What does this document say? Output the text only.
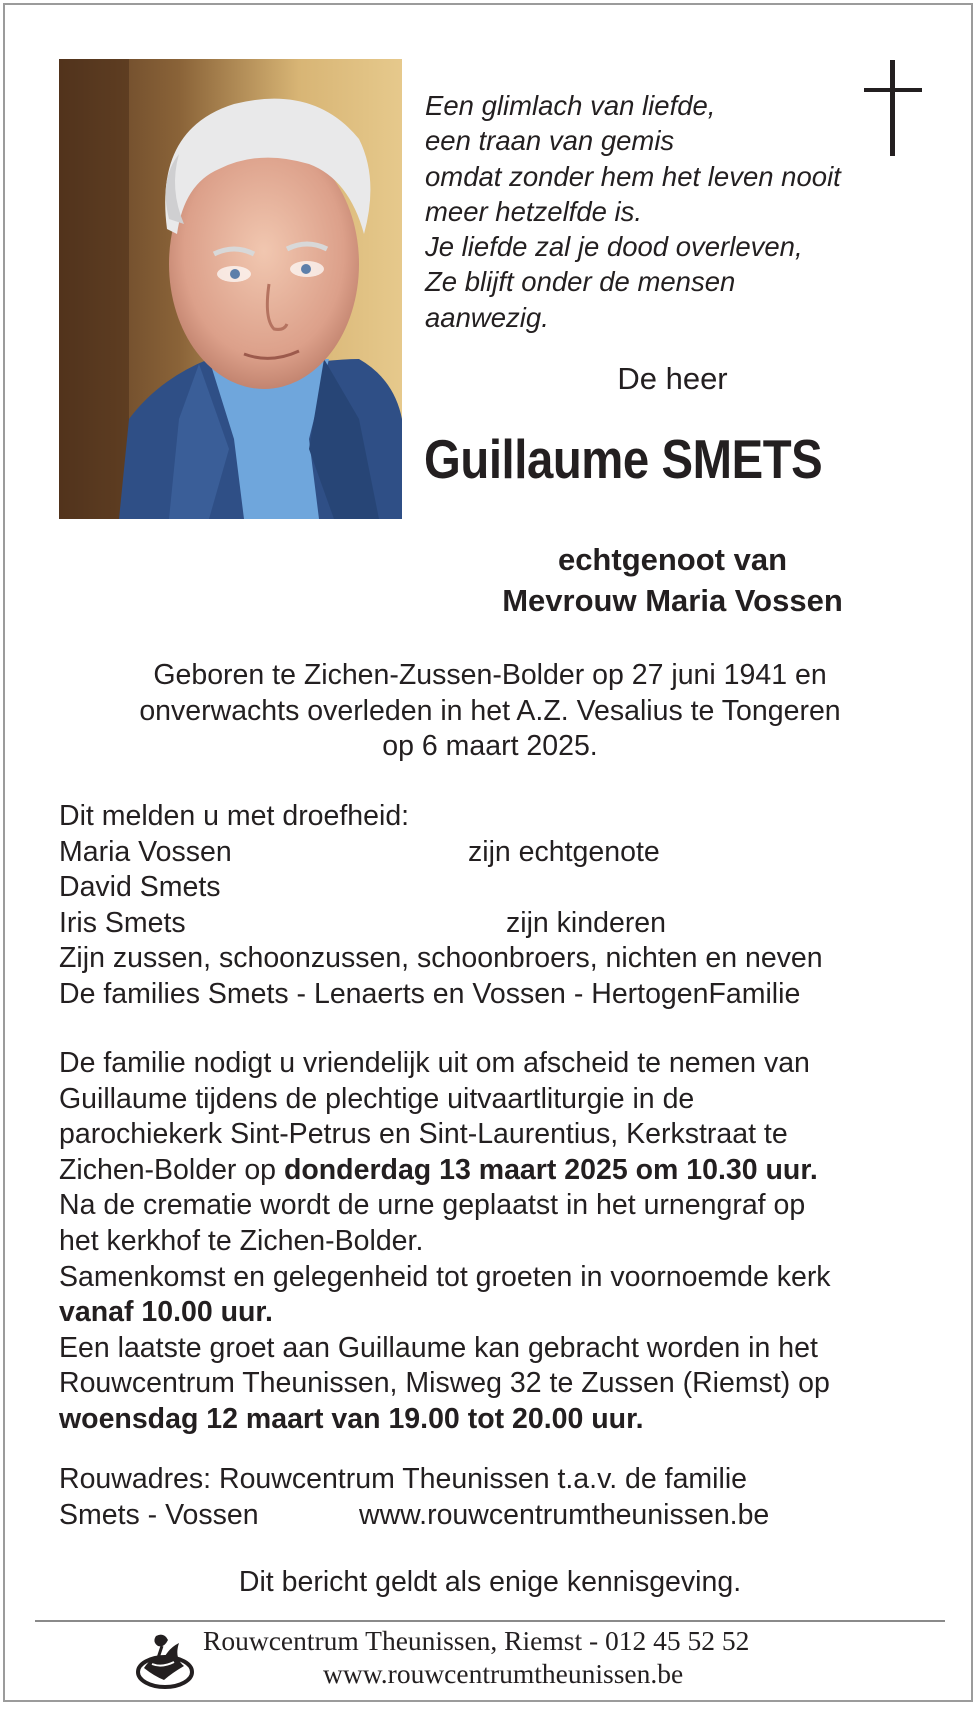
Een glimlach van liefde,
een traan van gemis
omdat zonder hem het leven nooit
meer hetzelfde is.
Je liefde zal je dood overleven,
Ze blijft onder de mensen
aanwezig.
De heer
Guillaume SMETS
echtgenoot van
Mevrouw Maria Vossen
Geboren te Zichen-Zussen-Bolder op 27 juni 1941 en
onverwachts overleden in het A.Z. Vesalius te Tongeren
op 6 maart 2025.
Dit melden u met droefheid:
Maria Vossen	zijn echtgenote
David Smets
Iris Smets	zijn kinderen
Zijn zussen, schoonzussen, schoonbroers, nichten en neven
De families Smets - Lenaerts en Vossen - HertogenFamilie
De familie nodigt u vriendelijk uit om afscheid te nemen van
Guillaume tijdens de plechtige uitvaartliturgie in de
parochiekerk Sint-Petrus en Sint-Laurentius, Kerkstraat te
Zichen-Bolder op donderdag 13 maart 2025 om 10.30 uur.
Na de crematie wordt de urne geplaatst in het urnengraf op
het kerkhof te Zichen-Bolder.
Samenkomst en gelegenheid tot groeten in voornoemde kerk
vanaf 10.00 uur.
Een laatste groet aan Guillaume kan gebracht worden in het
Rouwcentrum Theunissen, Misweg 32 te Zussen (Riemst) op
woensdag 12 maart van 19.00 tot 20.00 uur.
Rouwadres: Rouwcentrum Theunissen t.a.v. de familie
Smets - Vossen	www.rouwcentrumtheunissen.be
Dit bericht geldt als enige kennisgeving.
Rouwcentrum Theunissen, Riemst - 012 45 52 52
www.rouwcentrumtheunissen.be
